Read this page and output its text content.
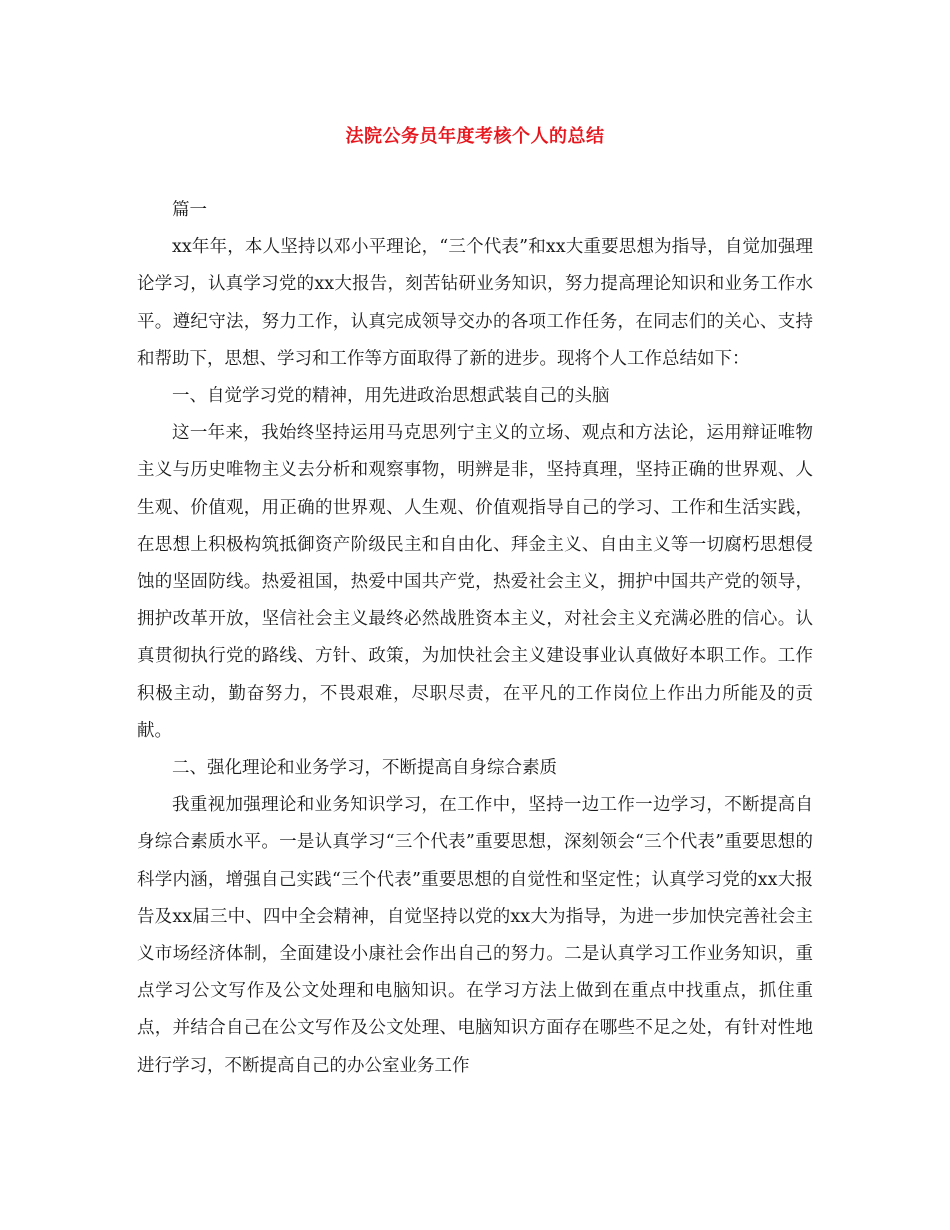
法院公务员年度考核个人的总结

篇一

xx年年，本人坚持以邓小平理论，“三个代表”和xx大重要思想为指导，自觉加强理论学习，认真学习党的xx大报告，刻苦钻研业务知识，努力提高理论知识和业务工作水平。遵纪守法，努力工作，认真完成领导交办的各项工作任务，在同志们的关心、支持和帮助下，思想、学习和工作等方面取得了新的进步。现将个人工作总结如下：

一、自觉学习党的精神，用先进政治思想武装自己的头脑

这一年来，我始终坚持运用马克思列宁主义的立场、观点和方法论，运用辩证唯物主义与历史唯物主义去分析和观察事物，明辨是非，坚持真理，坚持正确的世界观、人生观、价值观，用正确的世界观、人生观、价值观指导自己的学习、工作和生活实践，在思想上积极构筑抵御资产阶级民主和自由化、拜金主义、自由主义等一切腐朽思想侵蚀的坚固防线。热爱祖国，热爱中国共产党，热爱社会主义，拥护中国共产党的领导，拥护改革开放，坚信社会主义最终必然战胜资本主义，对社会主义充满必胜的信心。认真贯彻执行党的路线、方针、政策，为加快社会主义建设事业认真做好本职工作。工作积极主动，勤奋努力，不畏艰难，尽职尽责，在平凡的工作岗位上作出力所能及的贡献。

二、强化理论和业务学习，不断提高自身综合素质

我重视加强理论和业务知识学习，在工作中，坚持一边工作一边学习，不断提高自身综合素质水平。一是认真学习“三个代表”重要思想，深刻领会“三个代表”重要思想的科学内涵，增强自己实践“三个代表”重要思想的自觉性和坚定性；认真学习党的xx大报告及xx届三中、四中全会精神，自觉坚持以党的xx大为指导，为进一步加快完善社会主义市场经济体制，全面建设小康社会作出自己的努力。二是认真学习工作业务知识，重点学习公文写作及公文处理和电脑知识。在学习方法上做到在重点中找重点，抓住重点，并结合自己在公文写作及公文处理、电脑知识方面存在哪些不足之处，有针对性地进行学习，不断提高自己的办公室业务工作
